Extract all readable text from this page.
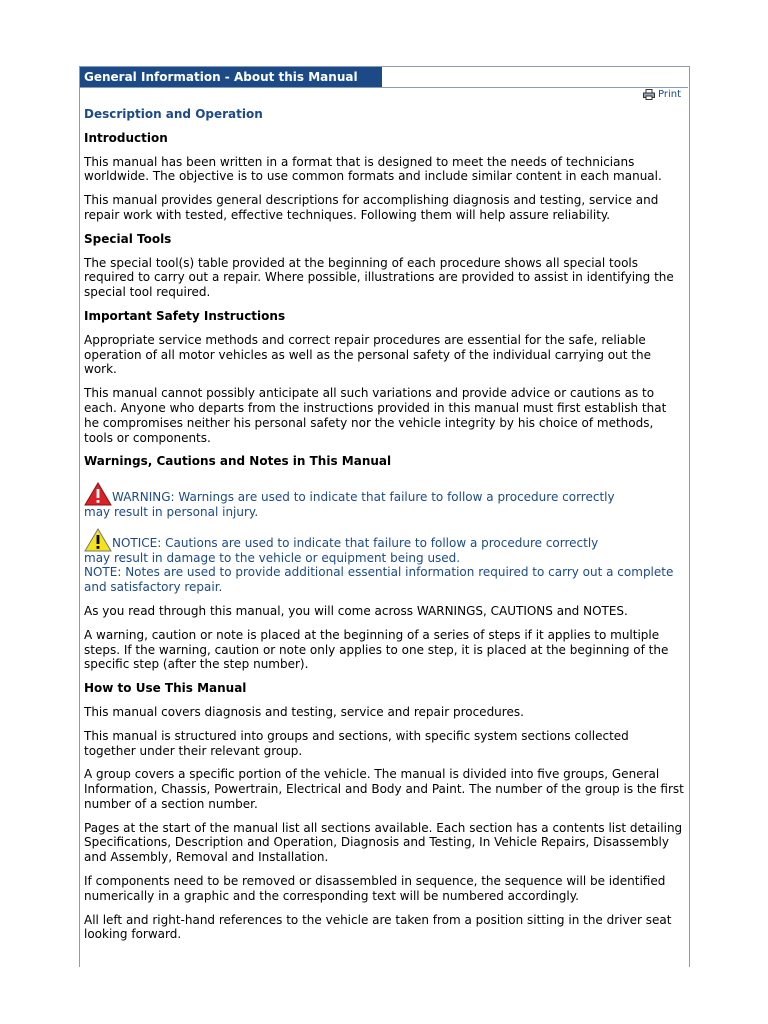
General Information - About this Manual
Print
Description and Operation
Introduction

This manual has been written in a format that is designed to meet the needs of technicians worldwide. The objective is to use common formats and include similar content in each manual.

This manual provides general descriptions for accomplishing diagnosis and testing, service and repair work with tested, effective techniques. Following them will help assure reliability.

Special Tools

The special tool(s) table provided at the beginning of each procedure shows all special tools required to carry out a repair. Where possible, illustrations are provided to assist in identifying the special tool required.

Important Safety Instructions

Appropriate service methods and correct repair procedures are essential for the safe, reliable operation of all motor vehicles as well as the personal safety of the individual carrying out the work.

This manual cannot possibly anticipate all such variations and provide advice or cautions as to each. Anyone who departs from the instructions provided in this manual must first establish that he compromises neither his personal safety nor the vehicle integrity by his choice of methods, tools or components.

Warnings, Cautions and Notes in This Manual
WARNING: Warnings are used to indicate that failure to follow a procedure correctly
may result in personal injury.
NOTICE: Cautions are used to indicate that failure to follow a procedure correctly
may result in damage to the vehicle or equipment being used.

NOTE: Notes are used to provide additional essential information required to carry out a complete and satisfactory repair.

As you read through this manual, you will come across WARNINGS, CAUTIONS and NOTES.

A warning, caution or note is placed at the beginning of a series of steps if it applies to multiple steps. If the warning, caution or note only applies to one step, it is placed at the beginning of the specific step (after the step number).

How to Use This Manual

This manual covers diagnosis and testing, service and repair procedures.

This manual is structured into groups and sections, with specific system sections collected together under their relevant group.

A group covers a specific portion of the vehicle. The manual is divided into five groups, General Information, Chassis, Powertrain, Electrical and Body and Paint. The number of the group is the first number of a section number.

Pages at the start of the manual list all sections available. Each section has a contents list detailing Specifications, Description and Operation, Diagnosis and Testing, In Vehicle Repairs, Disassembly and Assembly, Removal and Installation.

If components need to be removed or disassembled in sequence, the sequence will be identified numerically in a graphic and the corresponding text will be numbered accordingly.

All left and right-hand references to the vehicle are taken from a position sitting in the driver seat looking forward.
